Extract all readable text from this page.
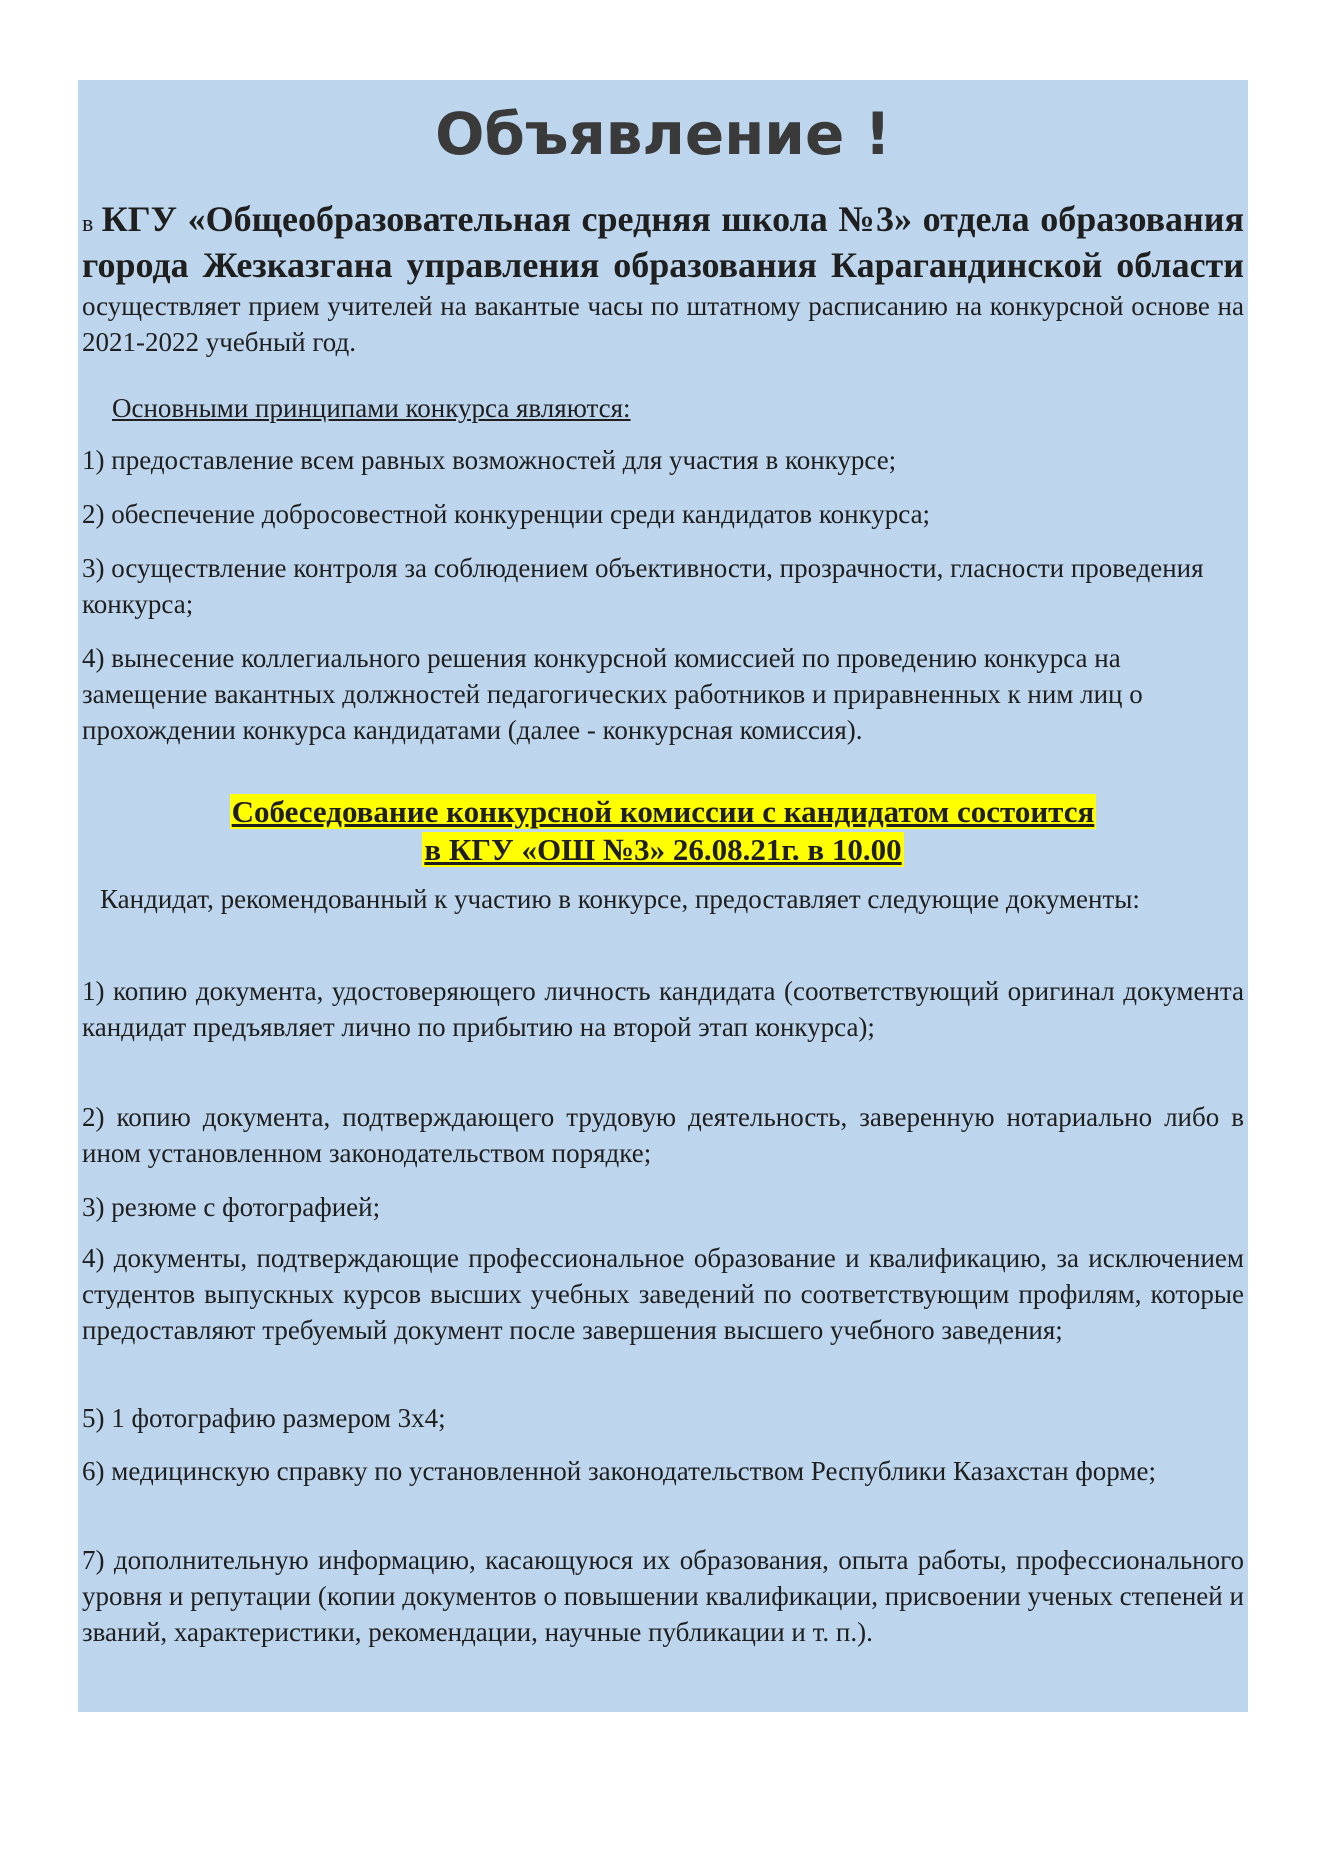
Объявление !
в КГУ «Общеобразовательная средняя школа №3» отдела образования города Жезказгана управления образования Карагандинской области осуществляет прием учителей на вакантые часы по штатному расписанию на конкурсной основе на 2021-2022 учебный год.
Основными принципами конкурса являются:
1) предоставление всем равных возможностей для участия в конкурсе;
2) обеспечение добросовестной конкуренции среди кандидатов конкурса;
3) осуществление контроля за соблюдением объективности, прозрачности, гласности проведения конкурса;
4) вынесение коллегиального решения конкурсной комиссией по проведению конкурса на замещение вакантных должностей педагогических работников и приравненных к ним лиц о прохождении конкурса кандидатами (далее - конкурсная комиссия).
Собеседование конкурсной комиссии с кандидатом состоится
в КГУ «ОШ №3» 26.08.21г. в 10.00
Кандидат, рекомендованный к участию в конкурсе, предоставляет следующие документы:
1) копию документа, удостоверяющего личность кандидата (соответствующий оригинал документа кандидат предъявляет лично по прибытию на второй этап конкурса);
2) копию документа, подтверждающего трудовую деятельность, заверенную нотариально либо в ином установленном законодательством порядке;
3) резюме с фотографией;
4) документы, подтверждающие профессиональное образование и квалификацию, за исключением студентов выпускных курсов высших учебных заведений по соответствующим профилям, которые предоставляют требуемый документ после завершения высшего учебного заведения;
5) 1 фотографию размером 3х4;
6) медицинскую справку по установленной законодательством Республики Казахстан форме;
7) дополнительную информацию, касающуюся их образования, опыта работы, профессионального уровня и репутации (копии документов о повышении квалификации, присвоении ученых степеней и званий, характеристики, рекомендации, научные публикации и т. п.).
